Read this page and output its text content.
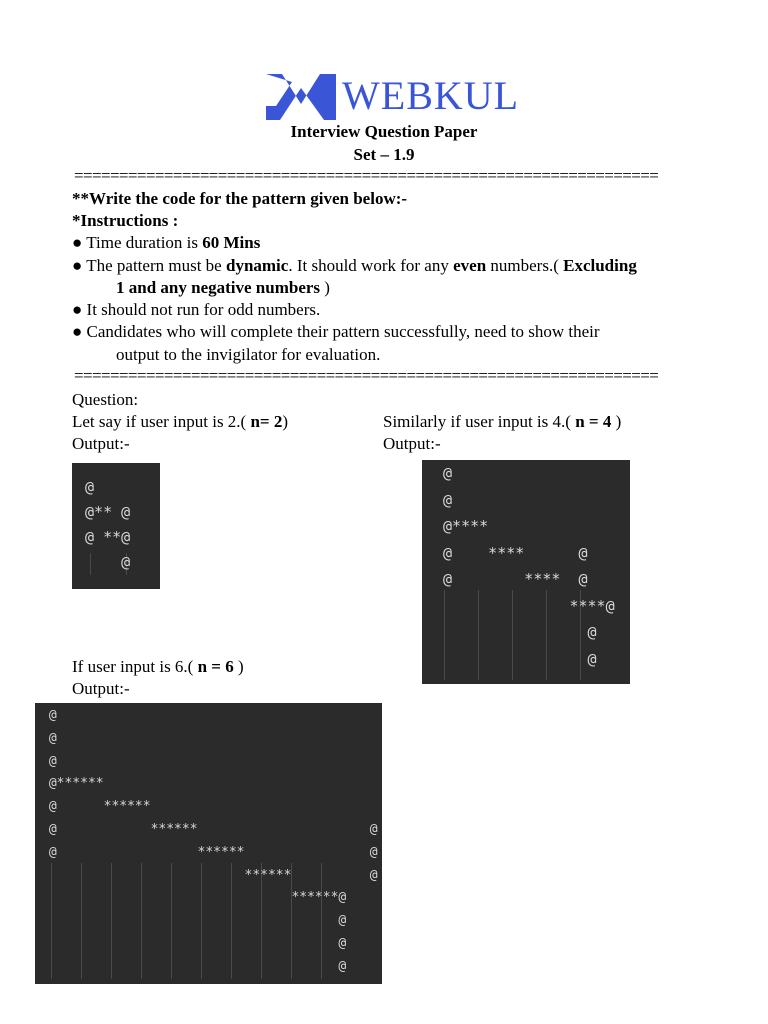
WEBKUL
Interview Question Paper
Set – 1.9
=================================================================
**Write the code for the pattern given below:-
*Instructions :
● Time duration is 60 Mins
● The pattern must be dynamic. It should work for any even numbers.( Excluding
1 and any negative numbers )
● It should not run for odd numbers.
● Candidates who will complete their pattern successfully, need to show their
output to the invigilator for evaluation.
=================================================================
Question:
Let say if user input is 2.( n= 2)
Output:-
Similarly if user input is 4.( n = 4 )
Output:-
@
@** @
@ **@
@
@
@
@****
@    ****      @
@        ****  @
****@
@
@
If user input is 6.( n = 6 )
Output:-
@
@
@
@******
@      ******
@            ******                      @
@                  ******                @
******          @
******@
@
@
@
